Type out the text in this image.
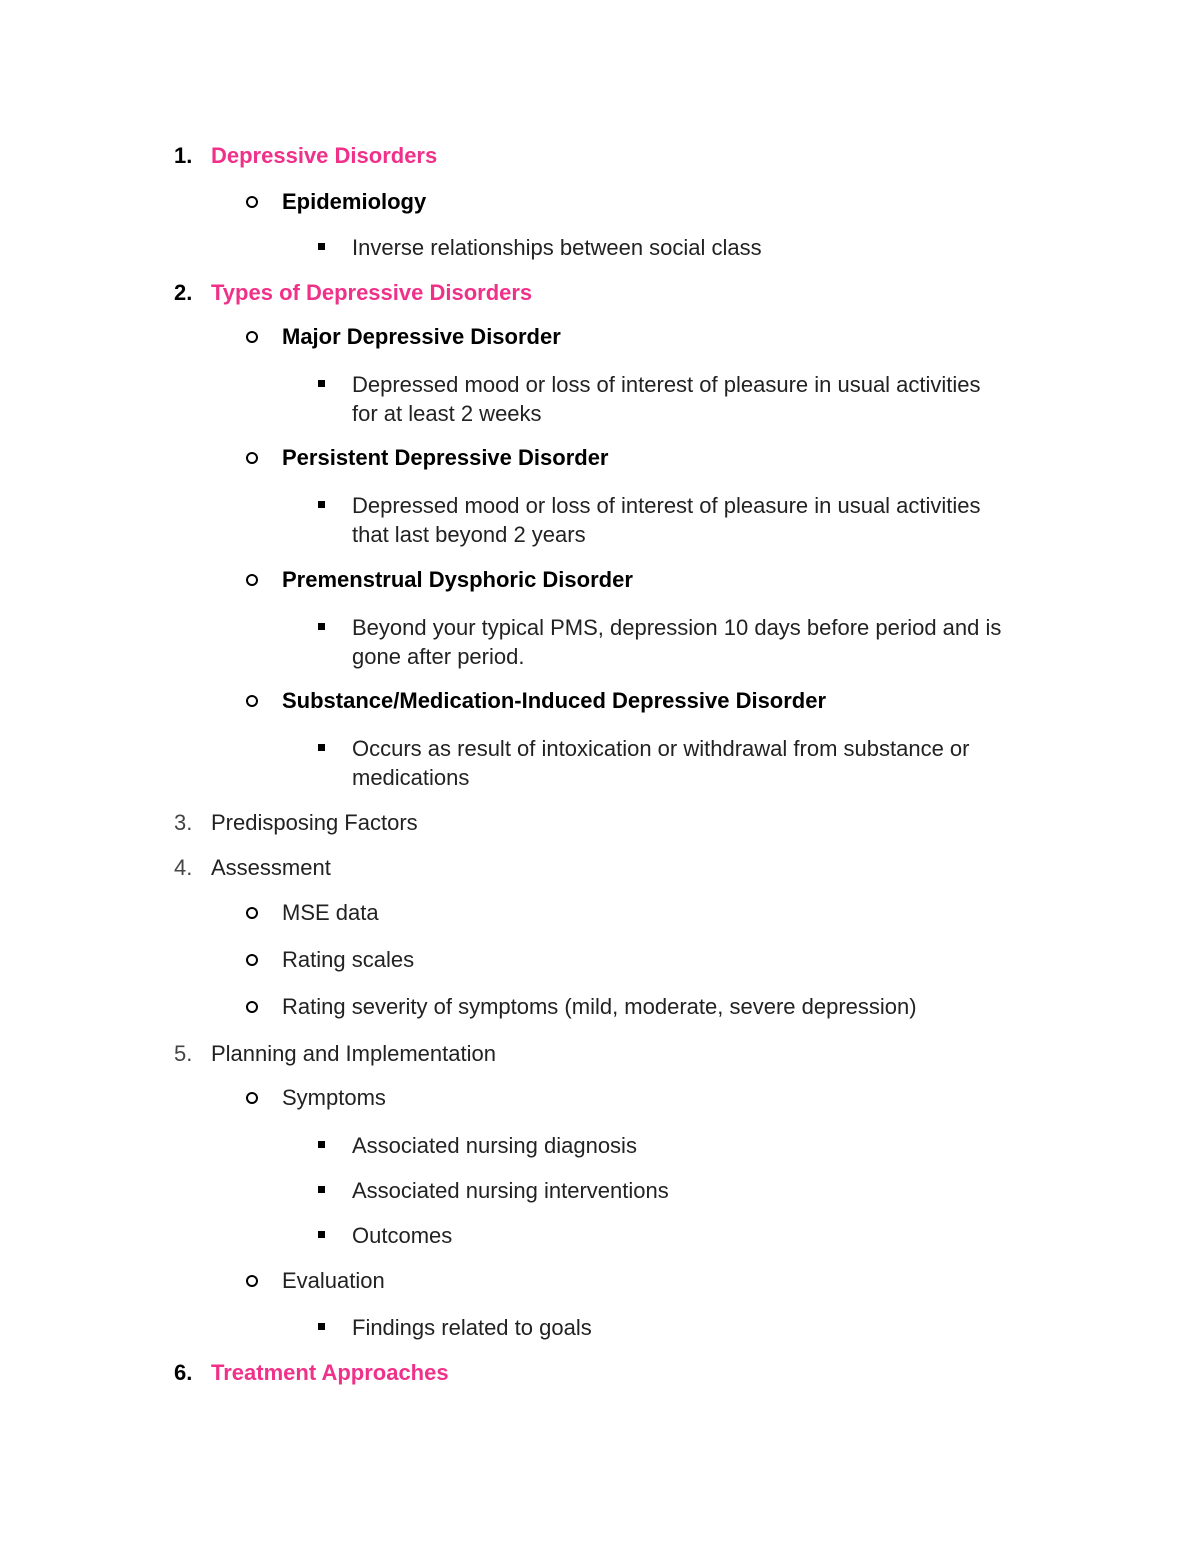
1. Depressive Disorders
Epidemiology
Inverse relationships between social class
2. Types of Depressive Disorders
Major Depressive Disorder
Depressed mood or loss of interest of pleasure in usual activities
for at least 2 weeks
Persistent Depressive Disorder
Depressed mood or loss of interest of pleasure in usual activities
that last beyond 2 years
Premenstrual Dysphoric Disorder
Beyond your typical PMS, depression 10 days before period and is
gone after period.
Substance/Medication-Induced Depressive Disorder
Occurs as result of intoxication or withdrawal from substance or
medications
3. Predisposing Factors
4. Assessment
MSE data
Rating scales
Rating severity of symptoms (mild, moderate, severe depression)
5. Planning and Implementation
Symptoms
Associated nursing diagnosis
Associated nursing interventions
Outcomes
Evaluation
Findings related to goals
6. Treatment Approaches
